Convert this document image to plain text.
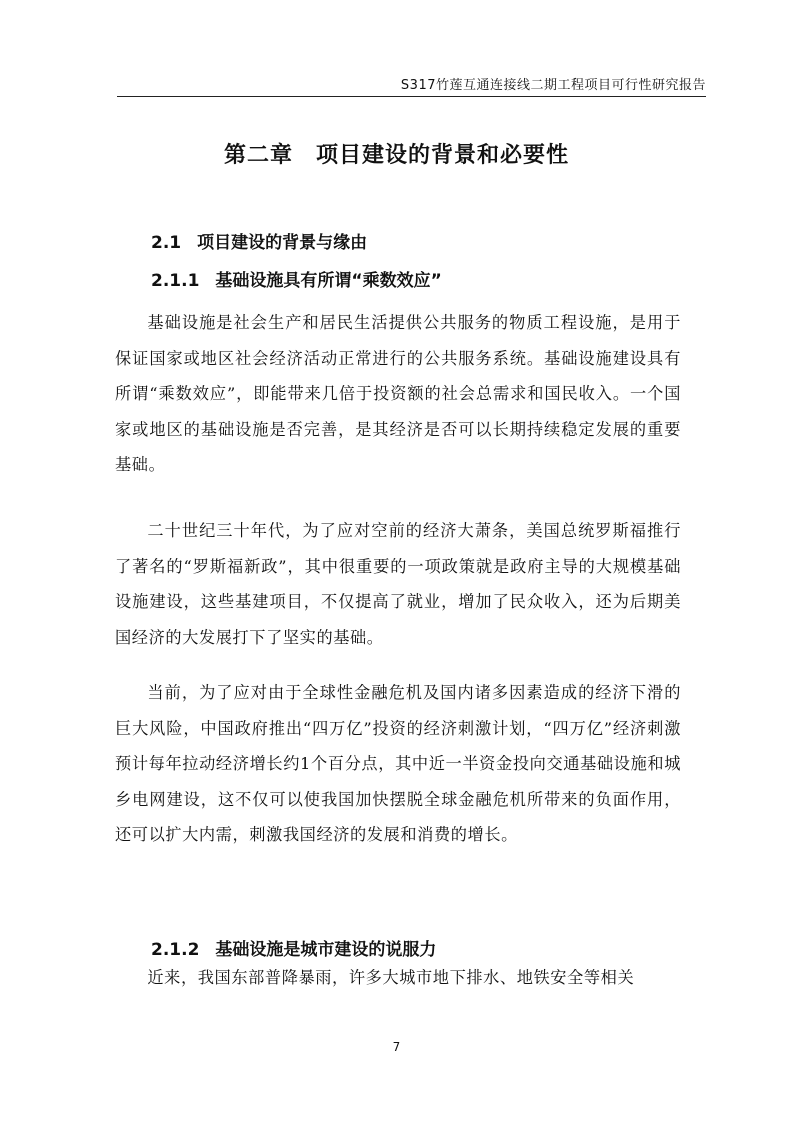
S317竹莲互通连接线二期工程项目可行性研究报告
第二章　项目建设的背景和必要性
2.1 项目建设的背景与缘由
2.1.1 基础设施具有所谓“乘数效应”
基础设施是社会生产和居民生活提供公共服务的物质工程设施，是用于保证国家或地区社会经济活动正常进行的公共服务系统。基础设施建设具有所谓“乘数效应”，即能带来几倍于投资额的社会总需求和国民收入。一个国家或地区的基础设施是否完善，是其经济是否可以长期持续稳定发展的重要基础。
二十世纪三十年代，为了应对空前的经济大萧条，美国总统罗斯福推行了著名的“罗斯福新政”，其中很重要的一项政策就是政府主导的大规模基础设施建设，这些基建项目，不仅提高了就业，增加了民众收入，还为后期美国经济的大发展打下了坚实的基础。
当前，为了应对由于全球性金融危机及国内诸多因素造成的经济下滑的巨大风险，中国政府推出“四万亿”投资的经济刺激计划，“四万亿”经济刺激预计每年拉动经济增长约1个百分点，其中近一半资金投向交通基础设施和城乡电网建设，这不仅可以使我国加快摆脱全球金融危机所带来的负面作用，还可以扩大内需，刺激我国经济的发展和消费的增长。
2.1.2 基础设施是城市建设的说服力
近来，我国东部普降暴雨，许多大城市地下排水、地铁安全等相关
7
